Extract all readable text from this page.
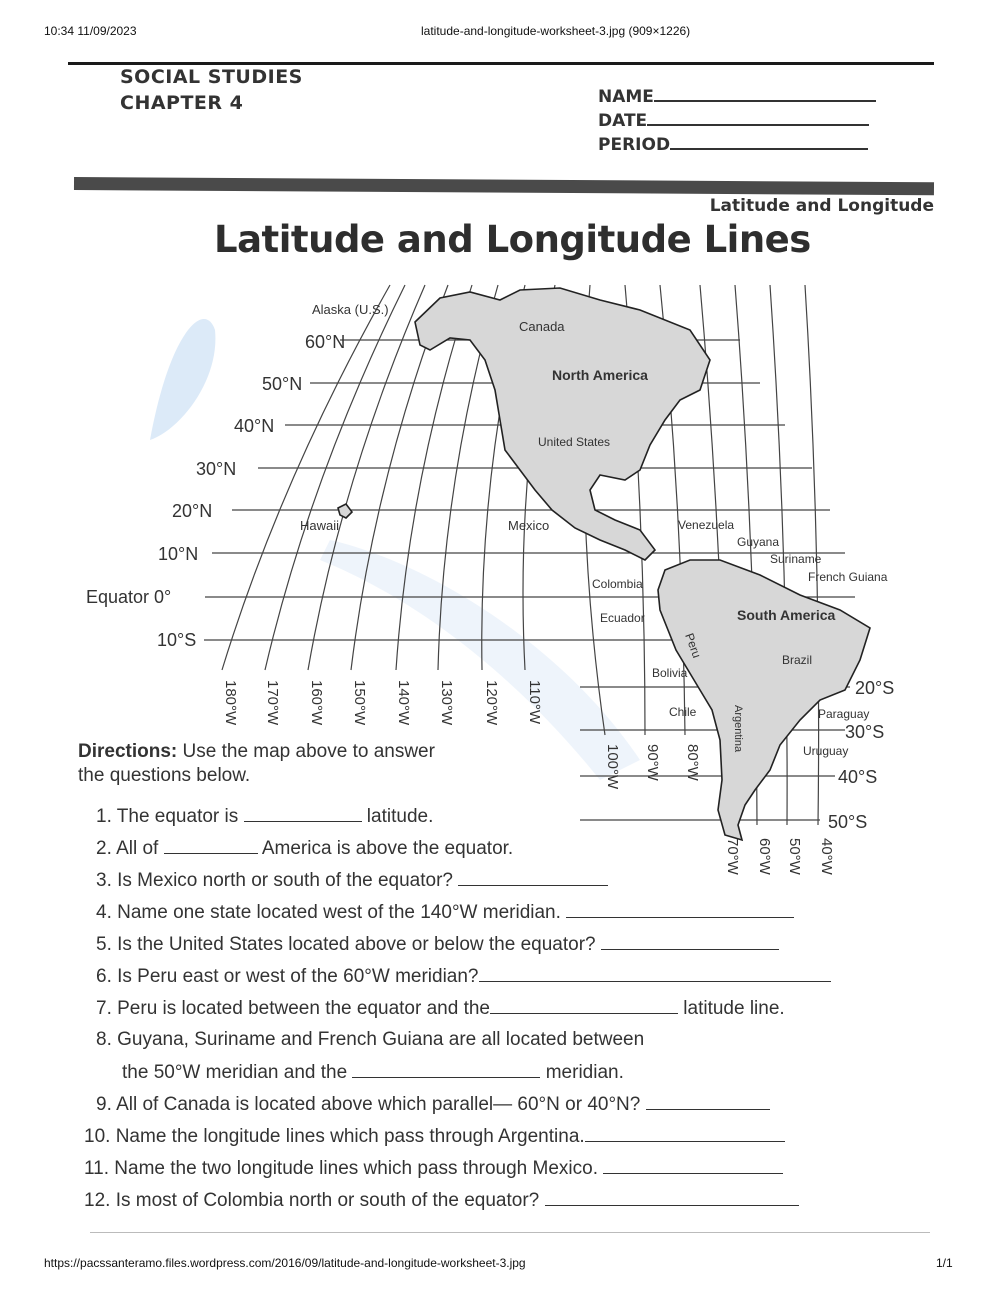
10:34 11/09/2023	latitude-and-longitude-worksheet-3.jpg (909×1226)
SOCIAL STUDIES
CHAPTER 4	NAME
DATE
PERIOD
Latitude and Longitude
Latitude and Longitude Lines
60°N
50°N
40°N
30°N
20°N
10°N
Equator 0°
10°S
20°S
30°S
40°S
50°S
180°W 170°W 160°W 150°W 140°W 130°W 120°W 110°W
100°W 90°W 80°W
70°W 60°W 50°W 40°W
Alaska (U.S.)
Canada
North America
United States
Hawaii	Mexico	Venezuela
Guyana
Suriname
French Guiana
Colombia
Ecuador	South America
Peru
Brazil
Bolivia
Chile	Argentina	Paraguay
Uruguay
Directions: Use the map above to answer
the questions below.
1. The equator is	latitude.
2. All of	America is above the equator.
3. Is Mexico north or south of the equator?
4. Name one state located west of the 140°W meridian.
5. Is the United States located above or below the equator?
6. Is Peru east or west of the 60°W meridian?
7. Peru is located between the equator and the	latitude line.
8. Guyana, Suriname and French Guiana are all located between
the 50°W meridian and the	meridian.
9. All of Canada is located above which parallel— 60°N or 40°N?
10. Name the longitude lines which pass through Argentina.
11. Name the two longitude lines which pass through Mexico.
12. Is most of Colombia north or south of the equator?
https://pacssanteramo.files.wordpress.com/2016/09/latitude-and-longitude-worksheet-3.jpg	1/1
